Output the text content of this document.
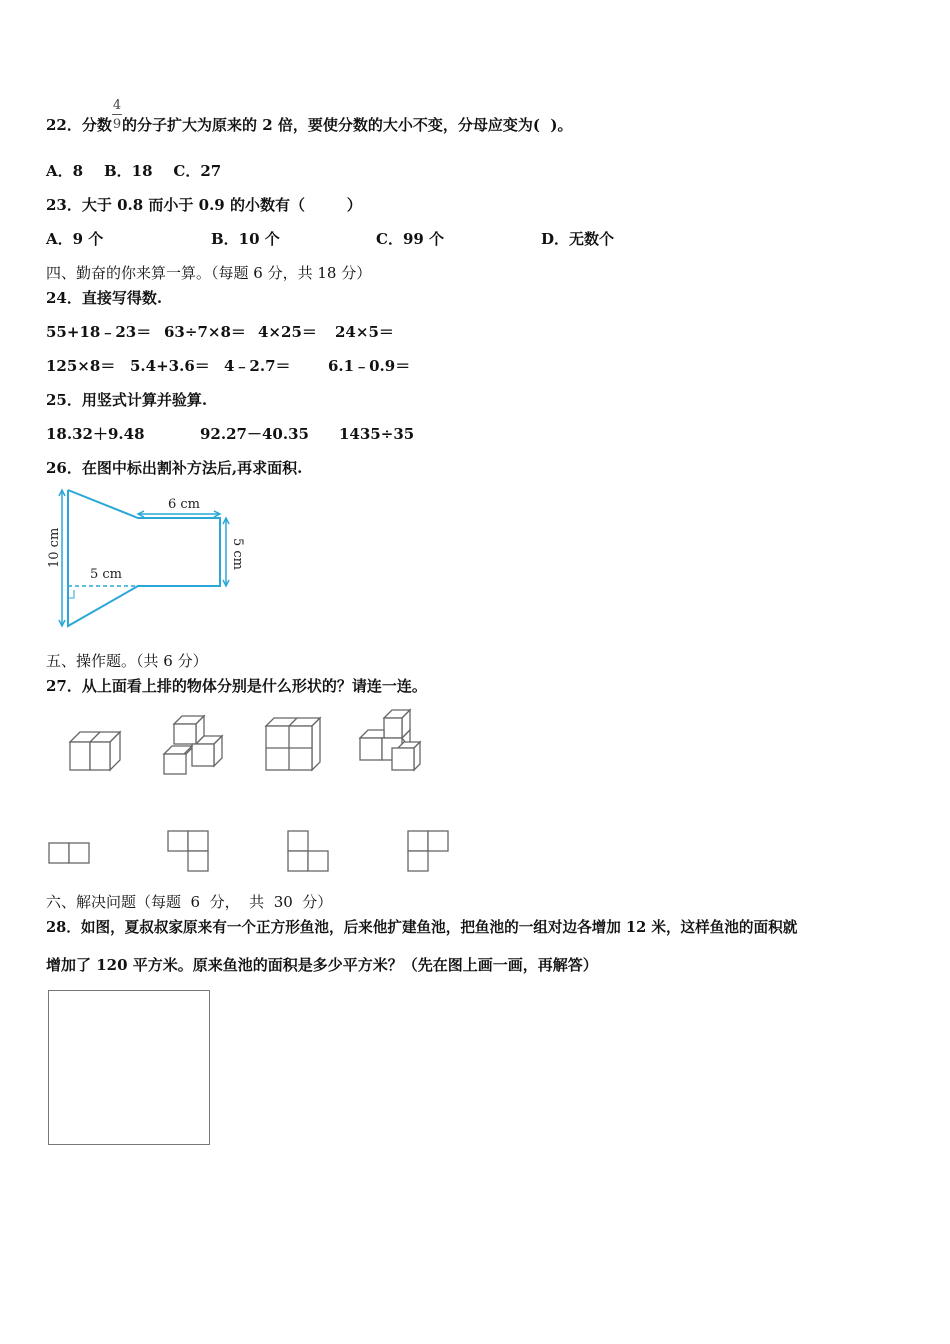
22．分数
4
9 的分子扩大为原来的 2 倍，要使分数的大小不变，分母应变为(  )。
A．8    B．18    C．27
23．大于 0.8 而小于 0.9 的小数有（        ）
A．9 个	B．10 个	C．99 个	D．无数个
四、勤奋的你来算一算。（每题 6 分，共 18 分）
24．直接写得数.
55+18﹣23＝ 63÷7×8＝ 4×25＝ 24×5＝
125×8＝ 5.4+3.6＝ 4﹣2.7＝ 6.1﹣0.9＝
25．用竖式计算并验算.
18.32＋9.48	92.27－40.35 1435÷35
26．在图中标出割补方法后,再求面积.
6 cm
5 cm
5 cm
10 cm
五、操作题。（共 6 分）
27．从上面看上排的物体分别是什么形状的？请连一连。
六、解决问题（每题  6  分，  共  30  分）
28．如图，夏叔叔家原来有一个正方形鱼池，后来他扩建鱼池，把鱼池的一组对边各增加 12 米，这样鱼池的面积就
增加了 120 平方米。原来鱼池的面积是多少平方米？（先在图上画一画，再解答）
